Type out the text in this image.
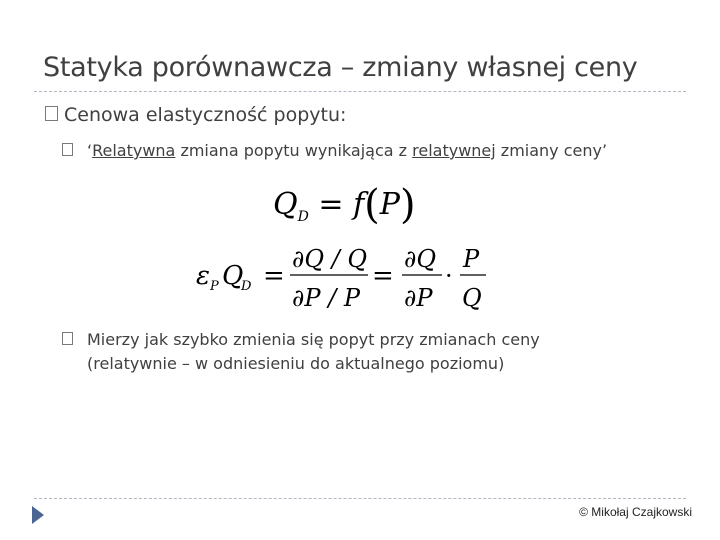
Statyka porównawcza – zmiany własnej ceny
Cenowa elastyczność popytu:
‘Relatywna zmiana popytu wynikająca z relatywnej zmiany ceny’
$Q_D = f(P)$
ε P Q
D =
∂Q / Q
∂P / P
=
∂Q
∂P
·
P
Q
Mierzy jak szybko zmienia się popyt przy zmianach ceny
(relatywnie – w odniesieniu do aktualnego poziomu)
© Mikołaj Czajkowski
